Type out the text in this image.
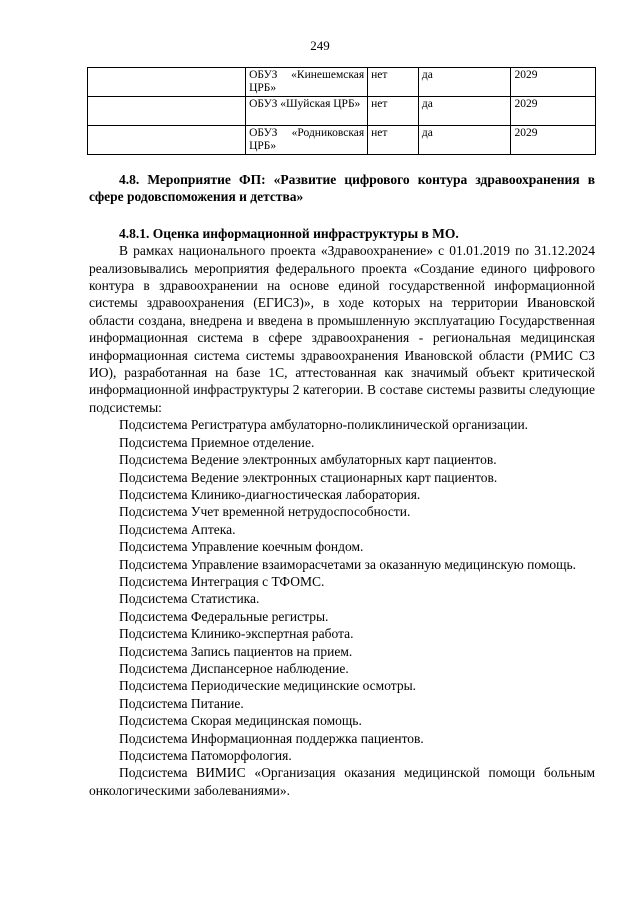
249
	ОБУЗ «Кинешемская ЦРБ»	нет	да	2029
	ОБУЗ «Шуйская ЦРБ»	нет	да	2029
	ОБУЗ «Родниковская ЦРБ»	нет	да	2029

4.8. Мероприятие ФП: «Развитие цифрового контура здравоохранения в сфере родовспоможения и детства»

4.8.1. Оценка информационной инфраструктуры в МО.

В рамках национального проекта «Здравоохранение» с 01.01.2019 по 31.12.2024 реализовывались мероприятия федерального проекта «Создание единого цифрового контура в здравоохранении на основе единой государственной информационной системы здравоохранения (ЕГИСЗ)», в ходе которых на территории Ивановской области создана, внедрена и введена в промышленную эксплуатацию Государственная информационная система в сфере здравоохранения - региональная медицинская информационная система системы здравоохранения Ивановской области (РМИС СЗ ИО), разработанная на базе 1С, аттестованная как значимый объект критической информационной инфраструктуры 2 категории. В составе системы развиты следующие подсистемы:

Подсистема Регистратура амбулаторно-поликлинической организации.
Подсистема Приемное отделение.
Подсистема Ведение электронных амбулаторных карт пациентов.
Подсистема Ведение электронных стационарных карт пациентов.
Подсистема Клинико-диагностическая лаборатория.
Подсистема Учет временной нетрудоспособности.
Подсистема Аптека.
Подсистема Управление коечным фондом.
Подсистема Управление взаиморасчетами за оказанную медицинскую помощь.
Подсистема Интеграция с ТФОМС.
Подсистема Статистика.
Подсистема Федеральные регистры.
Подсистема Клинико-экспертная работа.
Подсистема Запись пациентов на прием.
Подсистема Диспансерное наблюдение.
Подсистема Периодические медицинские осмотры.
Подсистема Питание.
Подсистема Скорая медицинская помощь.
Подсистема Информационная поддержка пациентов.
Подсистема Патоморфология.
Подсистема ВИМИС «Организация оказания медицинской помощи больным онкологическими заболеваниями».
